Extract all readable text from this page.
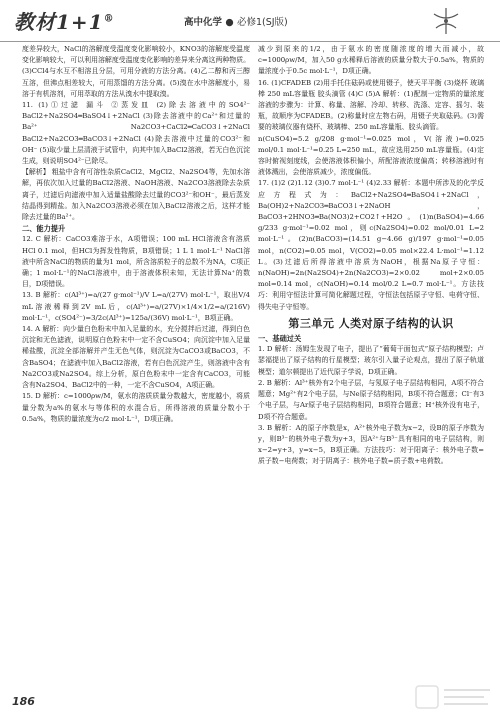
教材1+1®	高中化学 ● 必修1(SJ版)

度差异较大，NaCl的溶解度受温度变化影响较小，KNO3的溶解度受温度变化影响较大，可以利用溶解度受温度变化影响的差异来分离这两种物质。(3)CCl4与水互不相溶且分层，可用分液的方法分离。(4)乙二醇和丙三醇互溶，但沸点相差较大，可用蒸馏的方法分离。(5)溴在水中溶解度小，易溶于有机溶剂，可用萃取的方法从溴水中提取溴。

11. (1)①过滤 漏斗 ②蒸发皿 (2)除去溶液中的SO4²⁻ BaCl2+Na2SO4═BaSO4↓+2NaCl (3)除去溶液中的Ca²⁺和过量的Ba²⁺ Na2CO3+CaCl2═CaCO3↓+2NaCl BaCl2+Na2CO3═BaCO3↓+2NaCl (4)除去溶液中过量的CO3²⁻和OH⁻ (5)取少量上层清液于试管中，向其中加入BaCl2溶液，若无白色沉淀生成，则说明SO4²⁻已除尽。

【解析】 粗盐中含有可溶性杂质CaCl2、MgCl2、Na2SO4等，先加水溶解，再依次加入过量的BaCl2溶液、NaOH溶液、Na2CO3溶液除去杂质离子，过滤后向滤液中加入适量盐酸除去过量的CO3²⁻和OH⁻，最后蒸发结晶得到精盐。加入Na2CO3溶液必须在加入BaCl2溶液之后，这样才能除去过量的Ba²⁺。

二、能力提升

12. C 解析：CaCO3难溶于水，A项错误；100 mL HCl溶液含有溶质HCl 0.1 mol，但HCl为挥发性物质，B项错误；1 L 1 mol·L⁻¹ NaCl溶液中所含NaCl的物质的量为1 mol，所含溶质粒子的总数不为NA，C项正确；1 mol·L⁻¹的NaCl溶液中，由于溶液体积未知，无法计算Na⁺的数目，D项错误。

13. B 解析：c(Al³⁺)=a/(27 g·mol⁻¹)/V L=a/(27V) mol·L⁻¹，取出V/4 mL溶液稀释到2V mL后，c(Al³⁺)=a/(27V)×1/4×1/2=a/(216V) mol·L⁻¹，c(SO4²⁻)=3/2c(Al³⁺)=125a/(36V) mol·L⁻¹，B项正确。

14. A 解析：向少量白色粉末中加入足量的水，充分搅拌后过滤，得到白色沉淀和无色滤液，说明原白色粉末中一定不含CuSO4；向沉淀中加入足量稀盐酸，沉淀全部溶解并产生无色气体，则沉淀为CaCO3或BaCO3，不含BaSO4；在滤液中加入BaCl2溶液，若有白色沉淀产生，则溶液中含有Na2CO3或Na2SO4。综上分析，原白色粉末中一定含有CaCO3，可能含有Na2SO4、BaCl2中的一种，一定不含CuSO4，A项正确。

15. D 解析：c=1000ρw/M，氨水的溶质质量分数越大，密度越小，将质量分数为a%的氨水与等体积的水混合后，所得溶液的质量分数小于0.5a%，物质的量浓度为c/2 mol·L⁻¹，D项正确。

减少到原来的1/2，由于氨水的密度随浓度的增大而减小，故c=1000ρw/M，加入50 g水稀释后溶液的质量分数大于0.5a%，物质的量浓度小于0.5c mol·L⁻¹，D项正确。

16. (1)CFADEB (2)用手托住砝码或使用镊子，使天平平衡 (3)烧杯 玻璃棒 250 mL容量瓶 胶头滴管 (4)C (5)A 解析：(1)配制一定物质的量浓度溶液的步骤为：计算、称量、溶解、冷却、转移、洗涤、定容、摇匀、装瓶，故顺序为CFADEB。(2)称量时应左物右码，用镊子夹取砝码。(3)需要的玻璃仪器有烧杯、玻璃棒、250 mL容量瓶、胶头滴管。

n(CuSO4)=5.2 g/208 g·mol⁻¹=0.025 mol，V(溶液)=0.025 mol/0.1 mol·L⁻¹=0.25 L=250 mL，故应选用250 mL容量瓶。(4)定容时俯视刻度线，会使溶液体积偏小，所配溶液浓度偏高；转移溶液时有液体溅出，会使溶质减少，浓度偏低。

17. (1)2 (2)1.12 (3)0.7 mol·L⁻¹ (4)2.33 解析：本题中所涉及的化学反应方程式为：BaCl2+Na2SO4═BaSO4↓+2NaCl，Ba(OH)2+Na2CO3═BaCO3↓+2NaOH，BaCO3+2HNO3═Ba(NO3)2+CO2↑+H2O。(1)n(BaSO4)=4.66 g/233 g·mol⁻¹=0.02 mol，则c(Na2SO4)=0.02 mol/0.01 L=2 mol·L⁻¹。(2)n(BaCO3)=(14.51 g−4.66 g)/197 g·mol⁻¹=0.05 mol，n(CO2)=0.05 mol，V(CO2)=0.05 mol×22.4 L·mol⁻¹=1.12 L。(3)过滤后所得溶液中溶质为NaOH，根据Na原子守恒：n(NaOH)=2n(Na2SO4)+2n(Na2CO3)=2×0.02 mol+2×0.05 mol=0.14 mol，c(NaOH)=0.14 mol/0.2 L=0.7 mol·L⁻¹。方法技巧：利用守恒法计算可简化解题过程，守恒法包括原子守恒、电荷守恒、得失电子守恒等。

第三单元 人类对原子结构的认识

一、基础过关

1. D 解析：汤姆生发现了电子，提出了“葡萄干面包式”原子结构模型；卢瑟福提出了原子结构的行星模型；玻尔引入量子论观点，提出了原子轨道模型；道尔顿提出了近代原子学说，D项正确。

2. B 解析：Al³⁺核外有2个电子层，与氖原子电子层结构相同，A项不符合题意；Mg²⁺有2个电子层，与Ne原子结构相同，B项不符合题意；Cl⁻有3个电子层，与Ar原子电子层结构相同，B项符合题意；H⁺核外没有电子，D项不符合题意。

3. B 解析：A的原子序数是x，A²⁺核外电子数为x−2，设B的原子序数为y，则B³⁻的核外电子数为y+3，因A²⁺与B³⁻具有相同的电子层结构，则x−2=y+3，y=x−5，B项正确。方法技巧：对于阳离子：核外电子数=质子数−电荷数；对于阴离子：核外电子数=质子数+电荷数。

186
